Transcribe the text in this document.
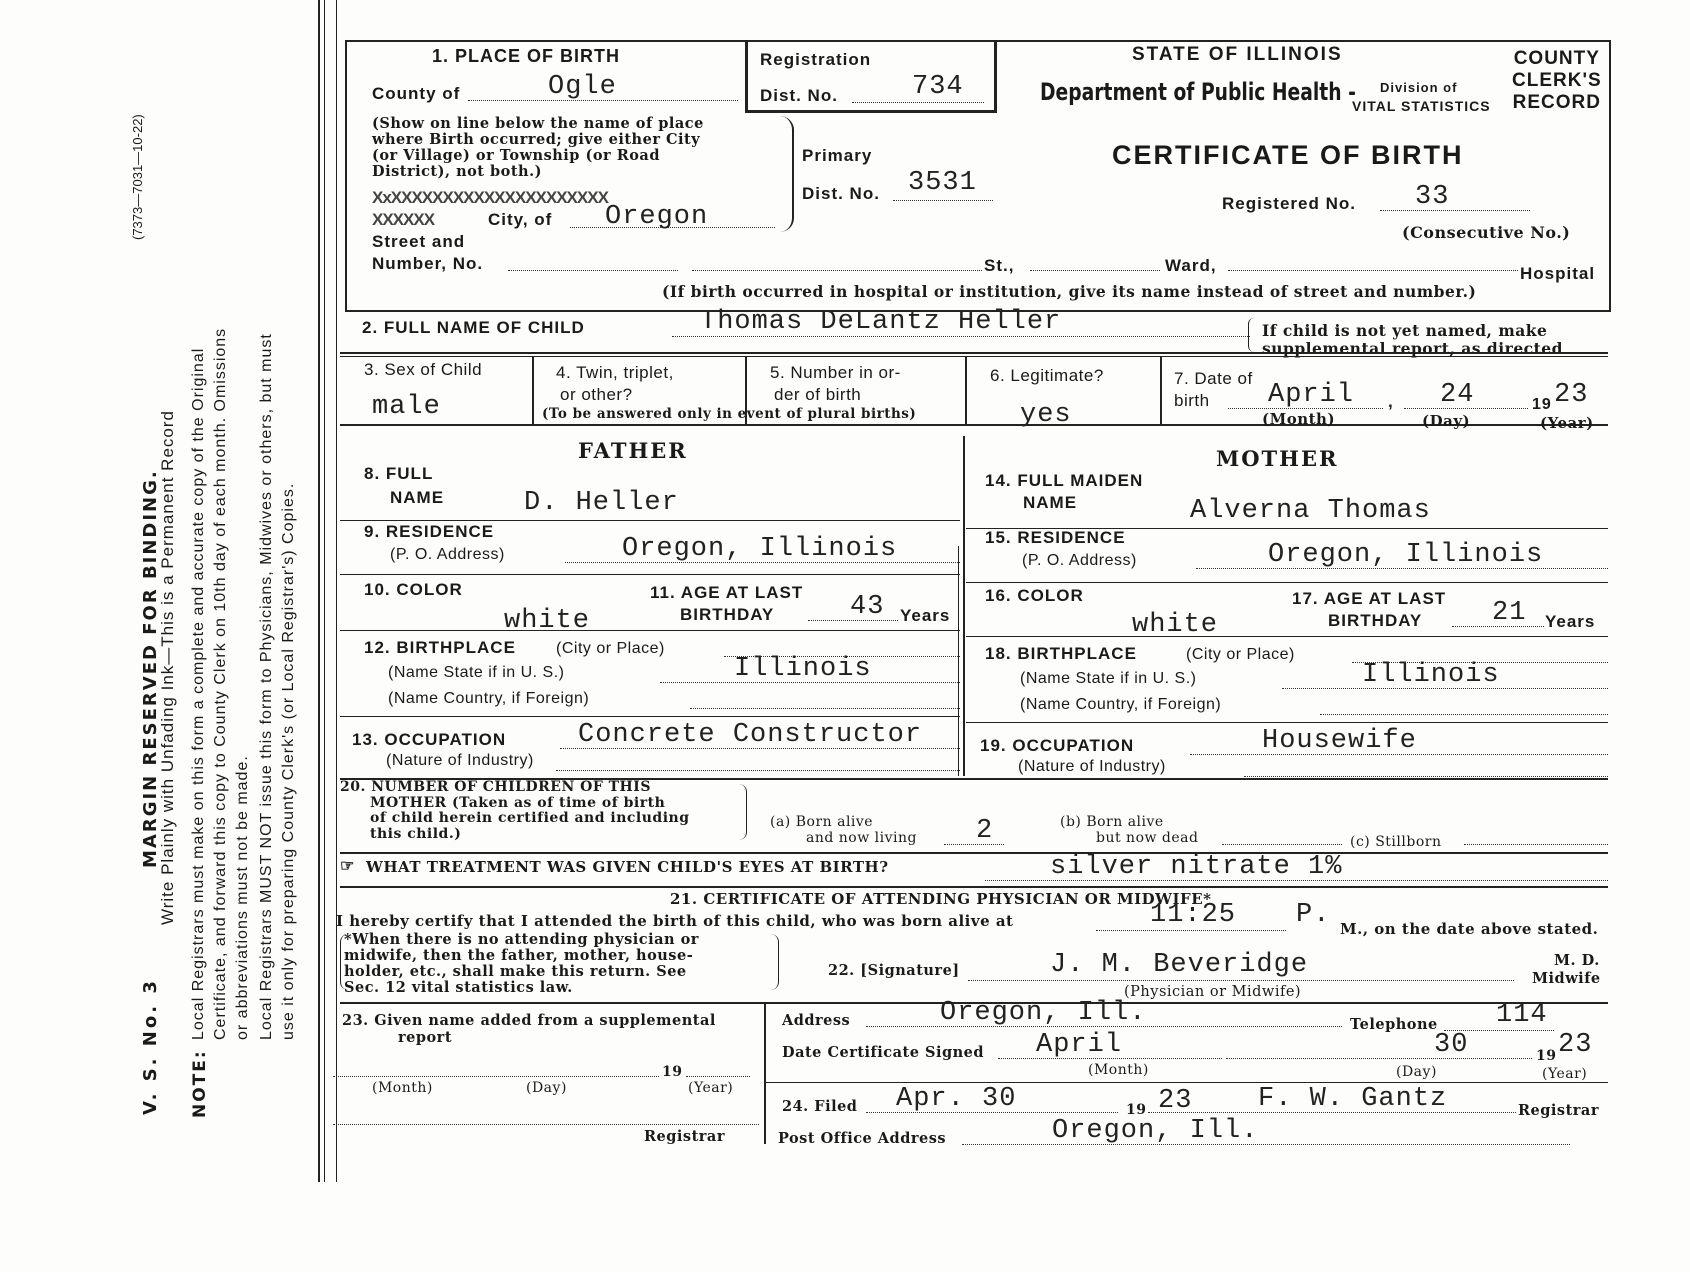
V. S. No. 3
MARGIN RESERVED FOR BINDING.
Write Plainly with Unfading Ink—This is a Permanent Record
NOTE:
Local Registrars must make on this form a complete and accurate copy of the Original Certificate, and forward this copy to County Clerk on 10th day of each month. Omissions or abbreviations must not be made. Local Registrars MUST NOT issue this form to Physicians, Midwives or others, but must use it only for preparing County Clerk's (or Local Registrar's) Copies.
(7373—7031—10-22)
1. PLACE OF BIRTH
County of	Ogle
Registration
Dist. No.	734
(Show on line below the name of place
where Birth occurred; give either City
(or Village) or Township (or Road
District), not both.)
Primary
Dist. No. 3531
XxXXXXXXXXXXXXXXXXXXXXX
XXXXXX	City, of Oregon
Street and
Number, No.	St.,	Ward,	Hospital
(If birth occurred in hospital or institution, give its name instead of street and number.)
STATE OF ILLINOIS
Department of Public Health - Division of
VITAL STATISTICS
COUNTY
CLERK'S
RECORD
CERTIFICATE OF BIRTH
Registered No. 33
(Consecutive No.)
2. FULL NAME OF CHILD	Thomas DeLantz Heller	If child is not yet named, make
supplemental report, as directed
3. Sex of Child
male
4. Twin, triplet,
or other?
5. Number in or-
der of birth
(To be answered only in event of plural births)
6. Legitimate?
yes
7. Date of
birth	April , 24	19 23
(Month)	(Day)	(Year)
FATHER
8. FULL
NAME	D. Heller
9. RESIDENCE
(P. O. Address)	Oregon, Illinois
10. COLOR
white
11. AGE AT LAST
BIRTHDAY	43 Years
12. BIRTHPLACE	(City or Place)
(Name State if in U. S.)	Illinois
(Name Country, if Foreign)
13. OCCUPATION	Concrete Constructor
(Nature of Industry)
MOTHER
14. FULL MAIDEN
NAME	Alverna Thomas
15. RESIDENCE
(P. O. Address)	Oregon, Illinois
16. COLOR
white
17. AGE AT LAST
BIRTHDAY	21 Years
18. BIRTHPLACE	(City or Place)
(Name State if in U. S.)	Illinois
(Name Country, if Foreign)
19. OCCUPATION	Housewife
(Nature of Industry)
20. NUMBER OF CHILDREN OF THIS
MOTHER (Taken as of time of birth
of child herein certified and including
this child.)
(a) Born alive
and now living 2	(b) Born alive
but now dead	(c) Stillborn
☞ WHAT TREATMENT WAS GIVEN CHILD'S EYES AT BIRTH?	silver nitrate 1%
21. CERTIFICATE OF ATTENDING PHYSICIAN OR MIDWIFE*
I hereby certify that I attended the birth of this child, who was born alive at	11:25 P. M., on the date above stated.
*When there is no attending physician or
midwife, then the father, mother, house-
holder, etc., shall make this return. See
Sec. 12 vital statistics law.
22. [Signature]	J. M. Beveridge	M. D.
Midwife
(Physician or Midwife)
23. Given name added from a supplemental
report
19
(Month)	(Day)	(Year)
Registrar
Address	Oregon, Ill.	Telephone 114
Date Certificate Signed April	30	19 23
(Month)	(Day)	(Year)
24. Filed Apr. 30	19 23 F. W. Gantz	Registrar
Post Office Address	Oregon, Ill.
